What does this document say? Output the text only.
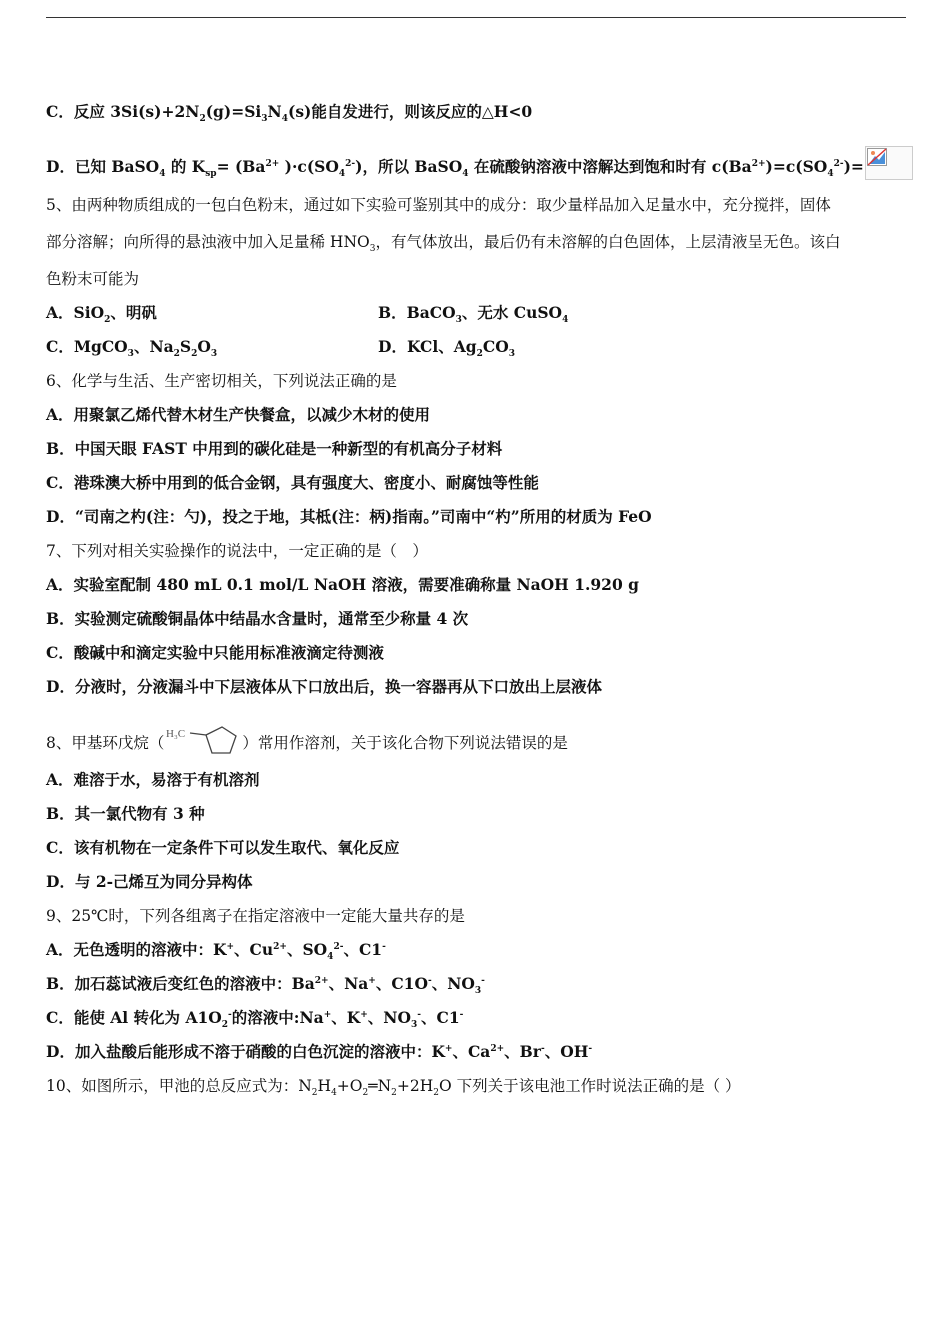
C．反应 $3Si(s)+2N_2(g)=Si_3N_4(s)$能自发进行，则该反应的△H<0
D．已知 BaSO$_4$ 的 $K_{sp}= (Ba^{2+}$ )$\cdot c(SO_4^{2-})$，所以 BaSO$_4$ 在硫酸钠溶液中溶解达到饱和时有 $c(Ba^{2+})=c(SO_4^{2-})=$
5、由两种物质组成的一包白色粉末，通过如下实验可鉴别其中的成分：取少量样品加入足量水中，充分搅拌，固体
部分溶解；向所得的悬浊液中加入足量稀 $HNO_3$，有气体放出，最后仍有未溶解的白色固体，上层清液呈无色。该白
色粉末可能为
A．SiO$_2$、明矾	B．BaCO$_3$、无水 CuSO$_4$
C．MgCO$_3$、$Na_2S_2O_3$	D．KCl、$Ag_2CO_3$
6、化学与生活、生产密切相关，下列说法正确的是
A．用聚氯乙烯代替木材生产快餐盒，以减少木材的使用
B．中国天眼 FAST 中用到的碳化硅是一种新型的有机高分子材料
C．港珠澳大桥中用到的低合金钢，具有强度大、密度小、耐腐蚀等性能
D．“司南之杓(注：勺)，投之于地，其柢(注：柄)指南。”司南中“杓”所用的材质为 FeO
7、下列对相关实验操作的说法中，一定正确的是（　）
A．实验室配制 480 mL 0.1 mol/L NaOH 溶液，需要准确称量 NaOH 1.920 g
B．实验测定硫酸铜晶体中结晶水含量时，通常至少称量 4 次
C．酸碱中和滴定实验中只能用标准液滴定待测液
D．分液时，分液漏斗中下层液体从下口放出后，换一容器再从下口放出上层液体
8、甲基环戊烷（ H₃C	）常用作溶剂，关于该化合物下列说法错误的是
A．难溶于水，易溶于有机溶剂
B．其一氯代物有 3 种
C．该有机物在一定条件下可以发生取代、氧化反应
D．与 2-己烯互为同分异构体
9、25℃时，下列各组离子在指定溶液中一定能大量共存的是
A．无色透明的溶液中：K+、$Cu^{2+}$、$SO_4^{2-}$、C1-
B．加石蕊试液后变红色的溶液中：$Ba^{2+}$、Na+、C1O-、$NO_3^-$
C．能使 Al 转化为 $A1O_2^-$的溶液中:Na+、K+、$NO_3^-$、C1-
D．加入盐酸后能形成不溶于硝酸的白色沉淀的溶液中：K+、$Ca^{2+}$、Br-、OH-
10、如图所示，甲池的总反应式为：$N_2H_4+O_2═N_2+2H_2O$ 下列关于该电池工作时说法正确的是（ ）
